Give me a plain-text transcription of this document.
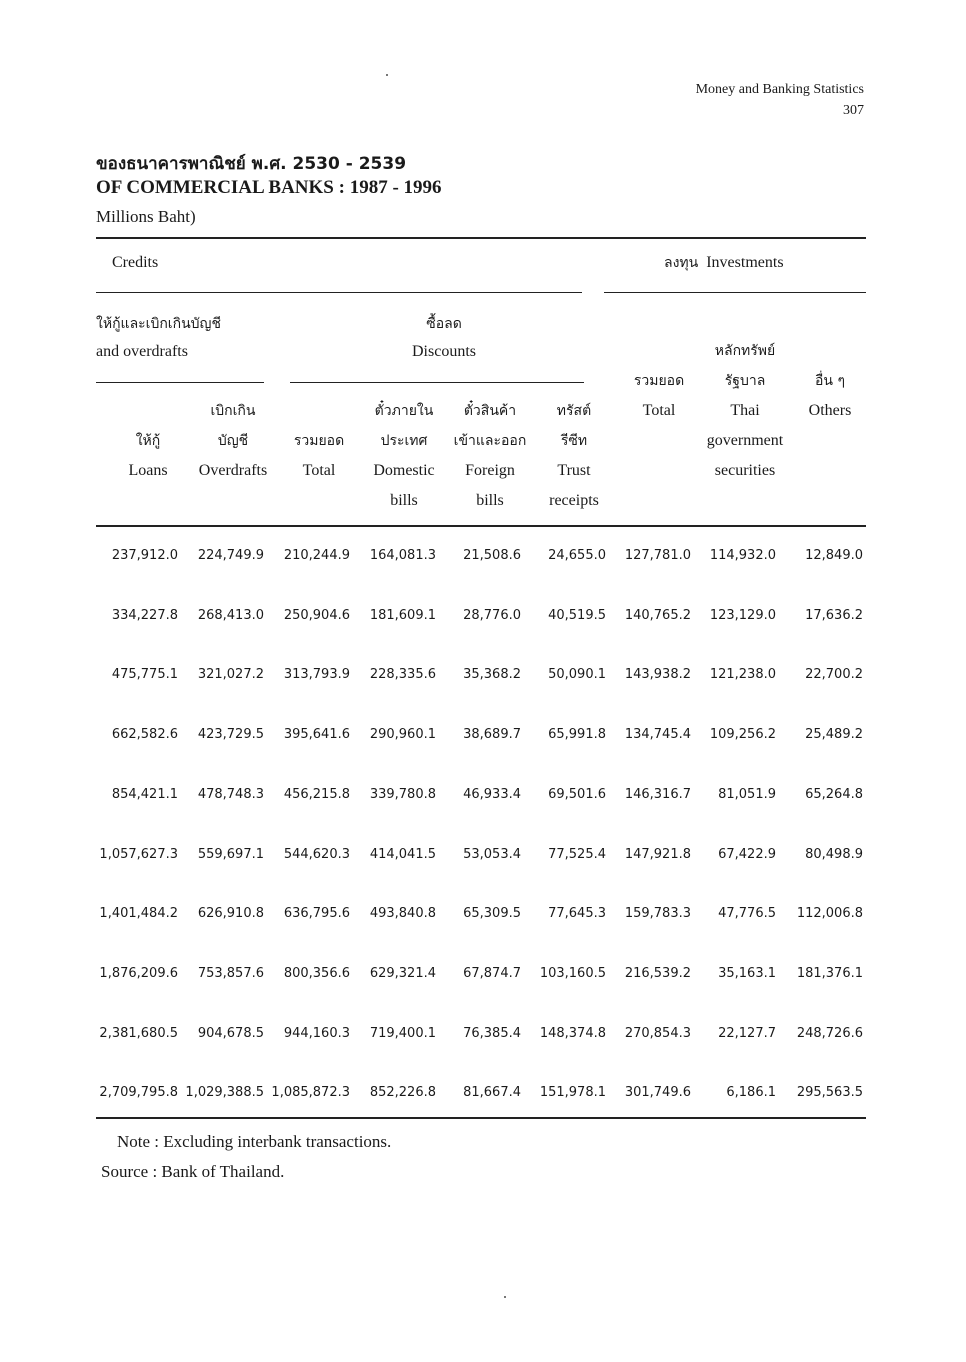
Money and Banking Statistics
307
ของธนาคารพาณิชย์ พ.ศ. 2530 - 2539
OF COMMERCIAL BANKS : 1987 - 1996
Millions Baht)
Credits	ลงทุน Investments
ให้กู้และเบิกเกินบัญชี
and overdrafts
ซื้อลด
Discounts
ให้กู้
Loans
เบิกเกิน
บัญชี
Overdrafts
รวมยอด
Total
ตั๋วภายใน
ประเทศ
Domestic
bills
ตั๋วสินค้า
เข้าและออก
Foreign
bills
ทรัสต์
รีซีท
Trust
receipts
รวมยอด
Total
หลักทรัพย์
รัฐบาล
Thai
government
securities
อื่น ๆ
Others
237,912.0 224,749.9 210,244.9 164,081.3 21,508.6 24,655.0 127,781.0 114,932.0 12,849.0
334,227.8 268,413.0 250,904.6 181,609.1 28,776.0 40,519.5 140,765.2 123,129.0 17,636.2
475,775.1 321,027.2 313,793.9 228,335.6 35,368.2 50,090.1 143,938.2 121,238.0 22,700.2
662,582.6 423,729.5 395,641.6 290,960.1 38,689.7 65,991.8 134,745.4 109,256.2 25,489.2
854,421.1 478,748.3 456,215.8 339,780.8 46,933.4 69,501.6 146,316.7 81,051.9 65,264.8
1,057,627.3 559,697.1 544,620.3 414,041.5 53,053.4 77,525.4 147,921.8 67,422.9 80,498.9
1,401,484.2 626,910.8 636,795.6 493,840.8 65,309.5 77,645.3 159,783.3 47,776.5 112,006.8
1,876,209.6 753,857.6 800,356.6 629,321.4 67,874.7 103,160.5 216,539.2 35,163.1 181,376.1
2,381,680.5 904,678.5 944,160.3 719,400.1 76,385.4 148,374.8 270,854.3 22,127.7 248,726.6
2,709,795.8 1,029,388.5 1,085,872.3 852,226.8 81,667.4 151,978.1 301,749.6	6,186.1 295,563.5
Note : Excluding interbank transactions.
Source : Bank of Thailand.
